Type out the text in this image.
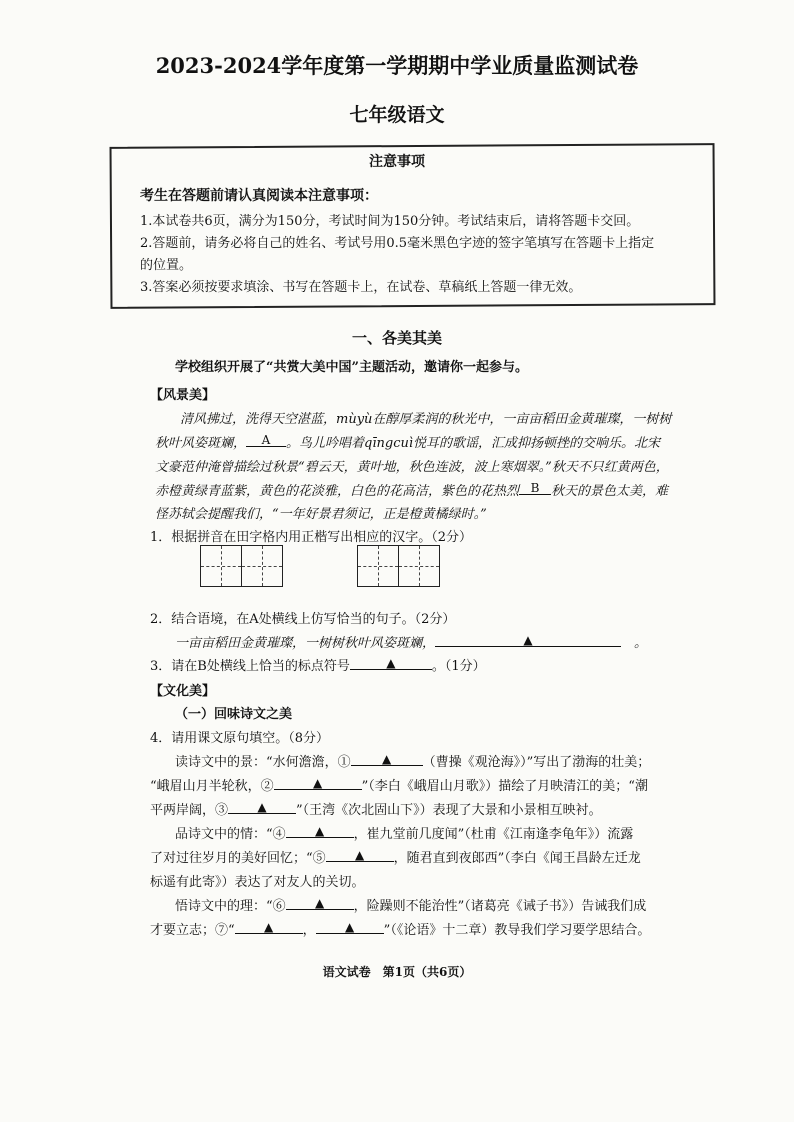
2023-2024学年度第一学期期中学业质量监测试卷
七年级语文
注意事项
考生在答题前请认真阅读本注意事项：
1.本试卷共6页，满分为150分，考试时间为150分钟。考试结束后，请将答题卡交回。
2.答题前，请务必将自己的姓名、考试号用0.5毫米黑色字迹的签字笔填写在答题卡上指定
的位置。
3.答案必须按要求填涂、书写在答题卡上，在试卷、草稿纸上答题一律无效。
一、各美其美
学校组织开展了“共赏大美中国”主题活动，邀请你一起参与。
【风景美】
清风拂过，洗得天空湛蓝，mùyù在醇厚柔润的秋光中，一亩亩稻田金黄璀璨，一树树
秋叶风姿斑斓， A 。鸟儿吟唱着qīngcuì悦耳的歌谣，汇成抑扬顿挫的交响乐。北宋
文豪范仲淹曾描绘过秋景“碧云天，黄叶地，秋色连波，波上寒烟翠。”秋天不只红黄两色，
赤橙黄绿青蓝紫，黄色的花淡雅，白色的花高洁，紫色的花热烈 B 秋天的景色太美，难
怪苏轼会提醒我们，“一年好景君须记，正是橙黄橘绿时。”
1．根据拼音在田字格内用正楷写出相应的汉字。（2分）
2．结合语境，在A处横线上仿写恰当的句子。（2分）
一亩亩稻田金黄璀璨，一树树秋叶风姿斑斓，	▲	　。
3．请在B处横线上恰当的标点符号	▲	。（1分）
【文化美】
（一）回味诗文之美
4．请用课文原句填空。（8分）
读诗文中的景：“水何澹澹，①	▲ （曹操《观沧海》）”写出了渤海的壮美；
“峨眉山月半轮秋，②	▲	”（李白《峨眉山月歌》）描绘了月映清江的美；“潮
平两岸阔，③ ▲ ”（王湾《次北固山下》）表现了大景和小景相互映衬。
品诗文中的情：“④ ▲ ，崔九堂前几度闻”（杜甫《江南逢李龟年》）流露
了对过往岁月的美好回忆；“⑤ ▲ ，随君直到夜郎西”（李白《闻王昌龄左迁龙
标遥有此寄》）表达了对友人的关切。
悟诗文中的理：“⑥ ▲ ，险躁则不能治性”（诸葛亮《诫子书》）告诫我们成
才要立志；⑦“ ▲ ， ▲ ”（《论语》十二章）教导我们学习要学思结合。
语文试卷　第1页（共6页）
